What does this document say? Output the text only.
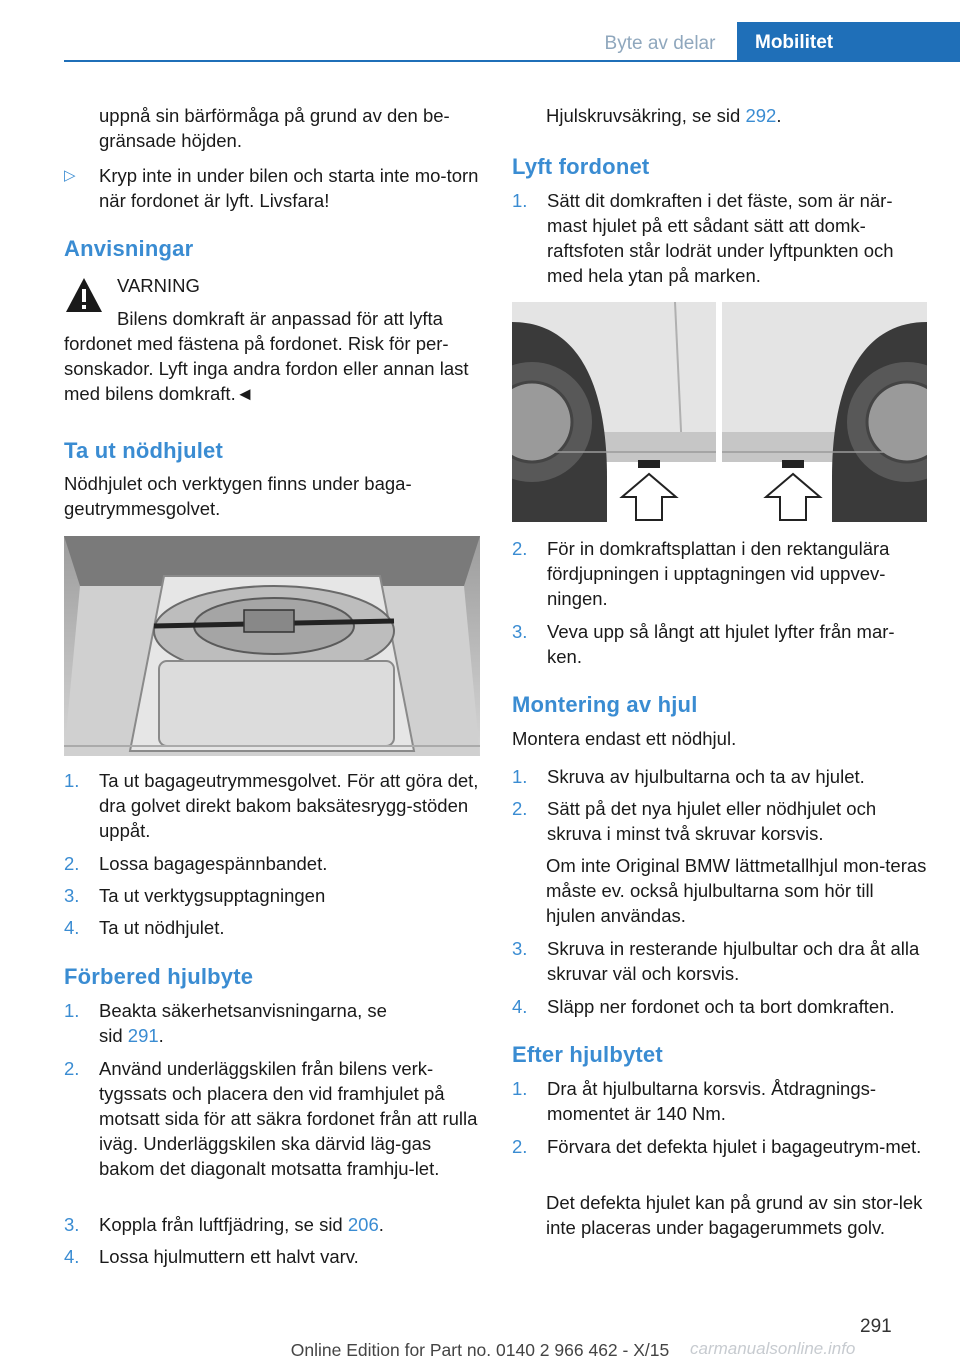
Byte av delar	Mobilitet

uppnå sin bärförmåga på grund av den be-gränsade höjden.

▷ Kryp inte in under bilen och starta inte mo-torn när fordonet är lyft. Livsfara!
Anvisningar

VARNING

Bilens domkraft är anpassad för att lyfta fordonet med fästena på fordonet. Risk för per-sonskador. Lyft inga andra fordon eller annan last med bilens domkraft.◄

Ta ut nödhjulet

Nödhjulet och verktygen finns under baga-geutrymmesgolvet.

1. Ta ut bagageutrymmesgolvet. För att göra det, dra golvet direkt bakom baksätesrygg-stöden uppåt.
2. Lossa bagagespännbandet.
3. Ta ut verktygsupptagningen
4. Ta ut nödhjulet.
Förbered hjulbyte
1. Beakta säkerhetsanvisningarna, se sid 291.
2. Använd underläggskilen från bilens verk-tygssats och placera den vid framhjulet på motsatt sida för att säkra fordonet från att rulla iväg. Underläggskilen ska därvid läg-gas bakom det diagonalt motsatta framhju-let.
3. Koppla från luftfjädring, se sid 206.
4. Lossa hjulmuttern ett halvt varv.

Hjulskruvsäkring, se sid 292.

Lyft fordonet
1. Sätt dit domkraften i det fäste, som är när-mast hjulet på ett sådant sätt att domk-raftsfoten står lodrät under lyftpunkten och med hela ytan på marken.
2. För in domkraftsplattan i den rektangulära fördjupningen i upptagningen vid uppvev-ningen.
3. Veva upp så långt att hjulet lyfter från mar-ken.
Montering av hjul

Montera endast ett nödhjul.

1. Skruva av hjulbultarna och ta av hjulet.
2. Sätt på det nya hjulet eller nödhjulet och skruva i minst två skruvar korsvis.

Om inte Original BMW lättmetallhjul mon-teras måste ev. också hjulbultarna som hör till hjulen användas.

3. Skruva in resterande hjulbultar och dra åt alla skruvar väl och korsvis.
4. Släpp ner fordonet och ta bort domkraften.
Efter hjulbytet
1. Dra åt hjulbultarna korsvis. Åtdragnings-momentet är 140 Nm.
2. Förvara det defekta hjulet i bagageutrym-met.

Det defekta hjulet kan på grund av sin stor-lek inte placeras under bagagerummets golv.

291
Online Edition for Part no. 0140 2 966 462 - X/15	carmanualsonline.info
